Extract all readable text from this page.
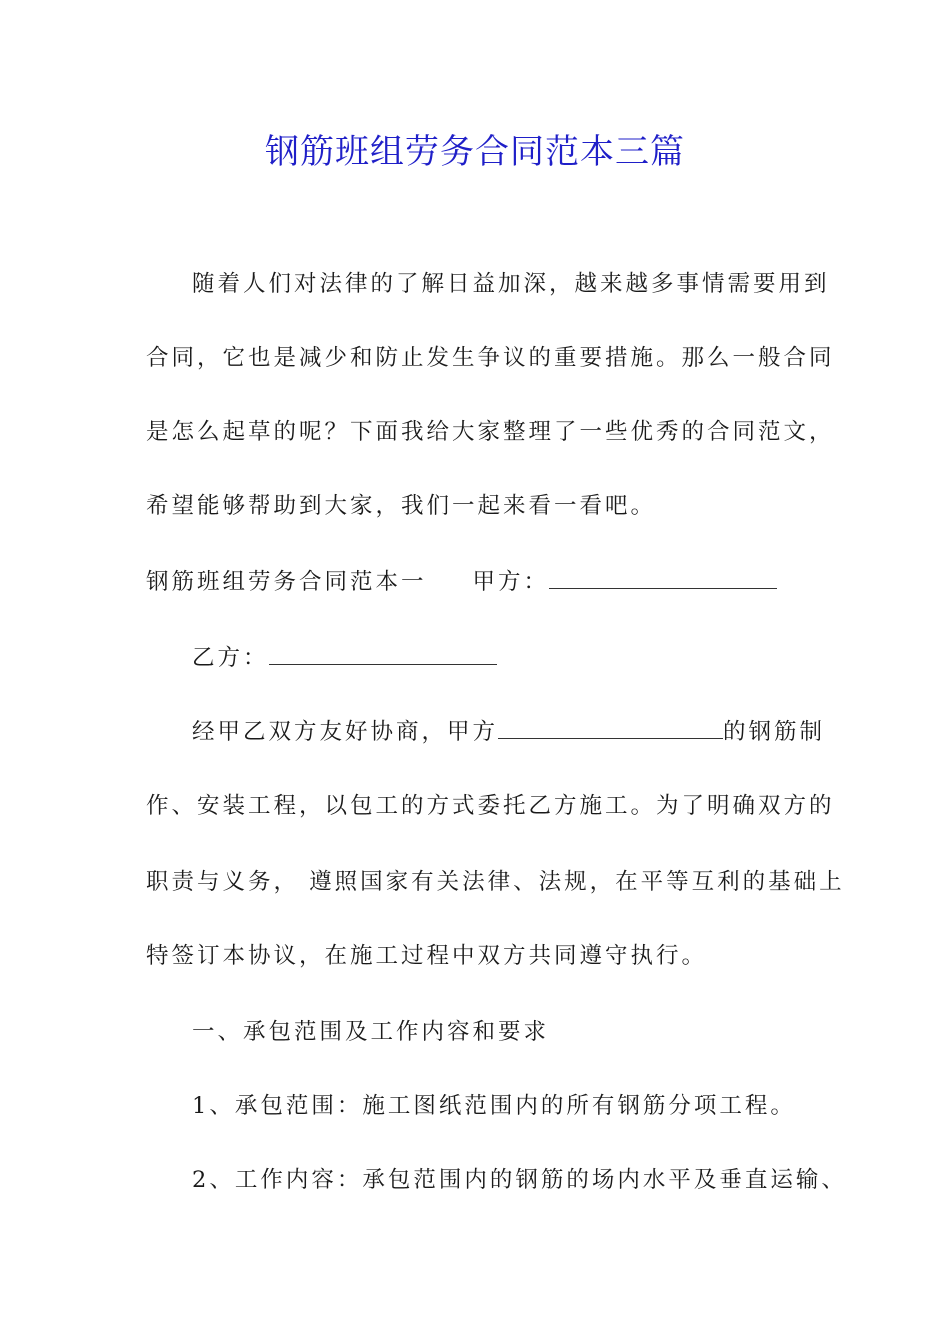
钢筋班组劳务合同范本三篇
随着人们对法律的了解日益加深，越来越多事情需要用到
合同，它也是减少和防止发生争议的重要措施。那么一般合同
是怎么起草的呢？下面我给大家整理了一些优秀的合同范文，
希望能够帮助到大家，我们一起来看一看吧。
钢筋班组劳务合同范本一 甲方：
乙方：
经甲乙双方友好协商，甲方	的钢筋制
作、安装工程，以包工的方式委托乙方施工。为了明确双方的
职责与义务， 遵照国家有关法律、法规，在平等互利的基础上
特签订本协议，在施工过程中双方共同遵守执行。
一、承包范围及工作内容和要求
1、承包范围：施工图纸范围内的所有钢筋分项工程。
2、工作内容：承包范围内的钢筋的场内水平及垂直运输、
